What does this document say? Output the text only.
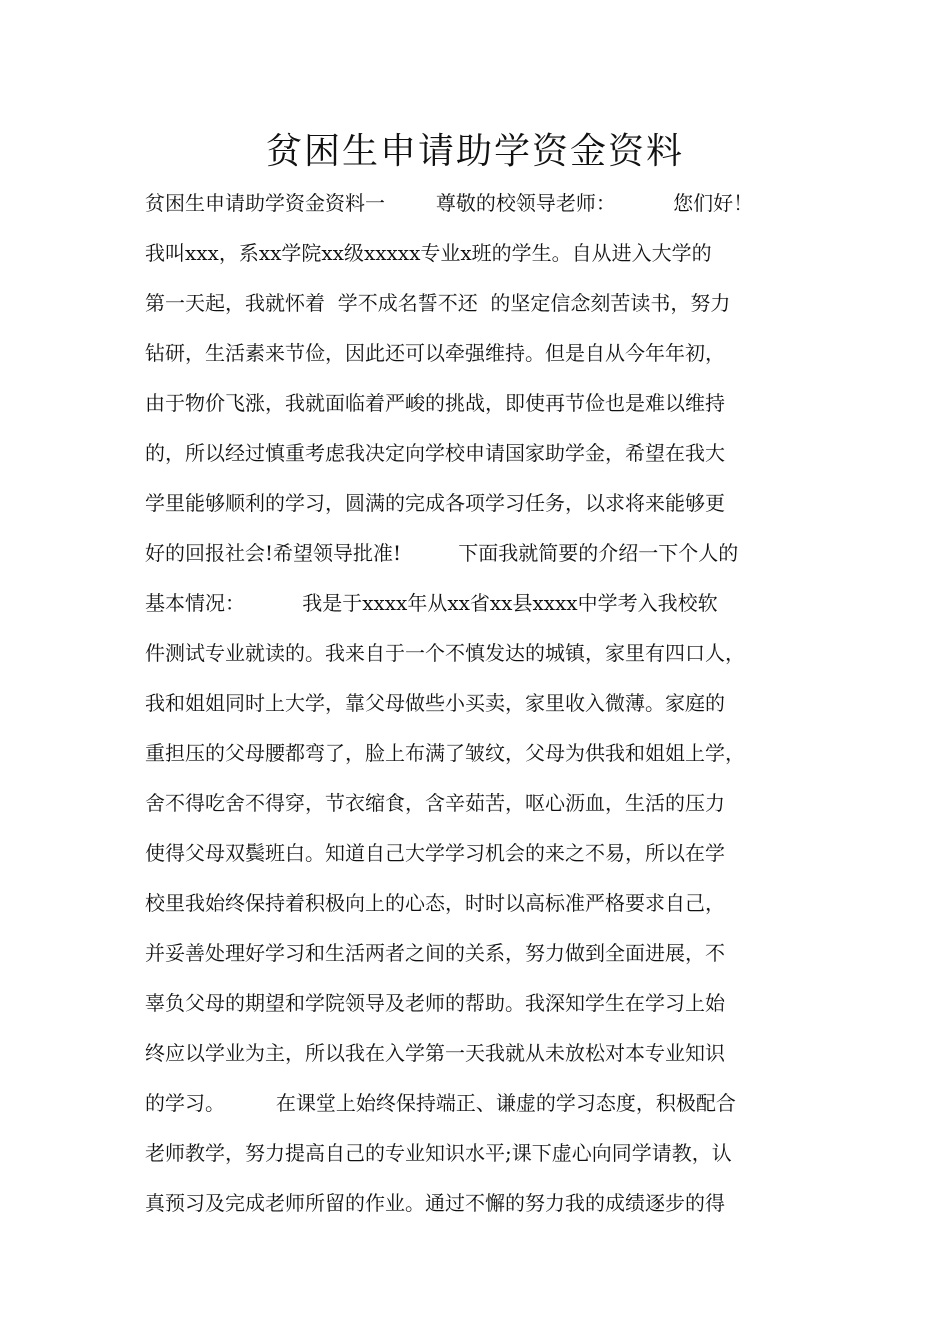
贫困生申请助学资金资料
贫困生申请助学资金资料一        尊敬的校领导老师：         您们好！
我叫xxx，系xx学院xx级xxxxx专业x班的学生。自从进入大学的
第一天起，我就怀着  学不成名誓不还  的坚定信念刻苦读书，努力
钻研，生活素来节俭，因此还可以牵强维持。但是自从今年年初，
由于物价飞涨，我就面临着严峻的挑战，即使再节俭也是难以维持
的，所以经过慎重考虑我决定向学校申请国家助学金，希望在我大
学里能够顺利的学习，圆满的完成各项学习任务，以求将来能够更
好的回报社会!希望领导批准!         下面我就简要的介绍一下个人的
基本情况：         我是于xxxx年从xx省xx县xxxx中学考入我校软
件测试专业就读的。我来自于一个不慎发达的城镇，家里有四口人，
我和姐姐同时上大学，靠父母做些小买卖，家里收入微薄。家庭的
重担压的父母腰都弯了，脸上布满了皱纹，父母为供我和姐姐上学，
舍不得吃舍不得穿，节衣缩食，含辛茹苦，呕心沥血，生活的压力
使得父母双鬓班白。知道自己大学学习机会的来之不易，所以在学
校里我始终保持着积极向上的心态，时时以高标准严格要求自己，
并妥善处理好学习和生活两者之间的关系，努力做到全面进展，不
辜负父母的期望和学院领导及老师的帮助。我深知学生在学习上始
终应以学业为主，所以我在入学第一天我就从未放松对本专业知识
的学习。        在课堂上始终保持端正、谦虚的学习态度，积极配合
老师教学，努力提高自己的专业知识水平;课下虚心向同学请教，认
真预习及完成老师所留的作业。通过不懈的努力我的成绩逐步的得
